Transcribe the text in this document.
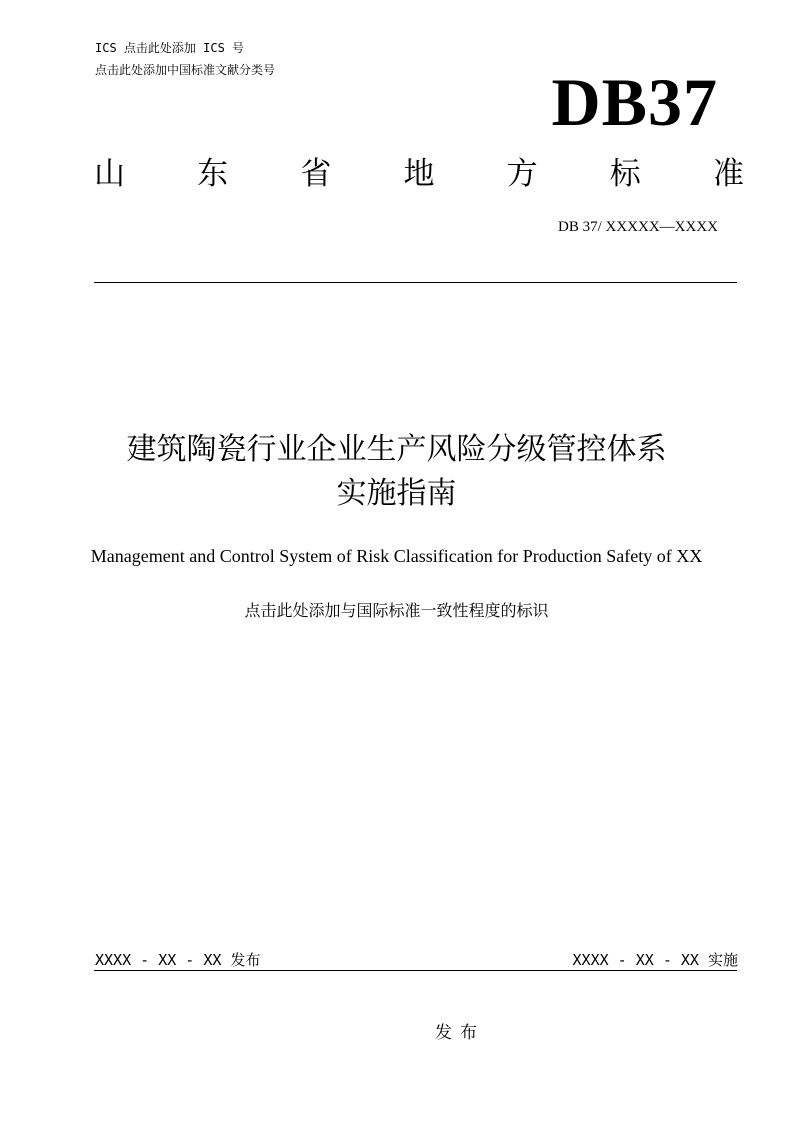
ICS 点击此处添加 ICS 号
点击此处添加中国标准文献分类号	DB37
山 东 省 地 方 标 准
DB 37/ XXXXX—XXXX
建筑陶瓷行业企业生产风险分级管控体系
实施指南
Management and Control System of Risk Classification for Production Safety of XX
点击此处添加与国际标准一致性程度的标识
XXXX - XX - XX 发布	XXXX - XX - XX 实施
发布
